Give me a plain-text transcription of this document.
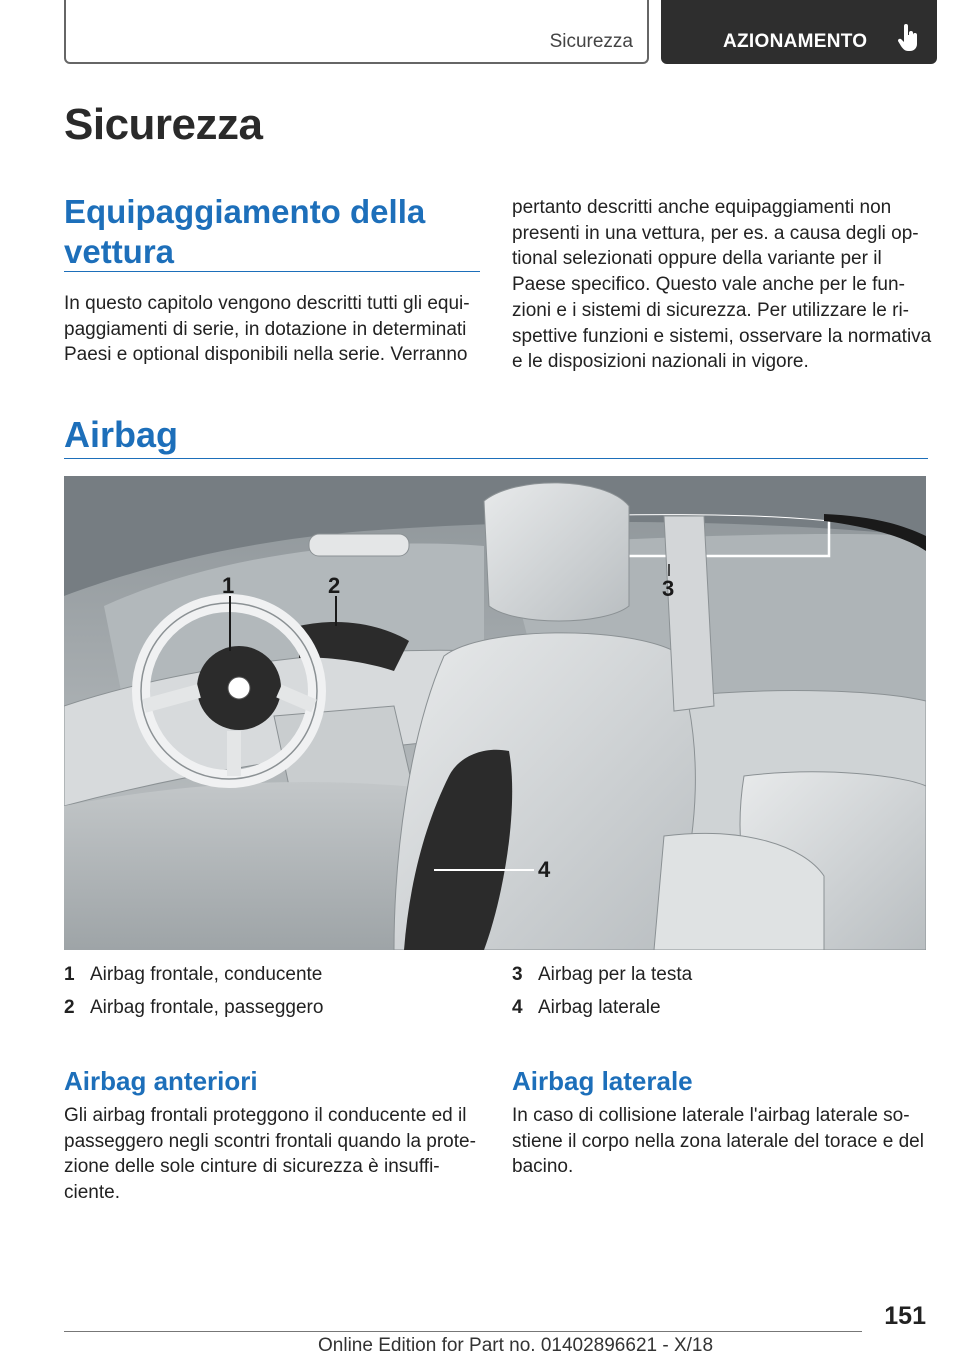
Sicurezza	AZIONAMENTO
Sicurezza
Equipaggiamento della
vettura
In questo capitolo vengono descritti tutti gli equi-
paggiamenti di serie, in dotazione in determinati
Paesi e optional disponibili nella serie. Verranno
pertanto descritti anche equipaggiamenti non
presenti in una vettura, per es. a causa degli op-
tional selezionati oppure della variante per il
Paese specifico. Questo vale anche per le fun-
zioni e i sistemi di sicurezza. Per utilizzare le ri-
spettive funzioni e sistemi, osservare la normativa
e le disposizioni nazionali in vigore.
Airbag
1	2	3
4
1 Airbag frontale, conducente
2 Airbag frontale, passeggero
3 Airbag per la testa
4 Airbag laterale
Airbag anteriori
Gli airbag frontali proteggono il conducente ed il
passeggero negli scontri frontali quando la prote-
zione delle sole cinture di sicurezza è insuffi-
ciente.
Airbag laterale
In caso di collisione laterale l'airbag laterale so-
stiene il corpo nella zona laterale del torace e del
bacino.
151
Online Edition for Part no. 01402896621 - X/18
